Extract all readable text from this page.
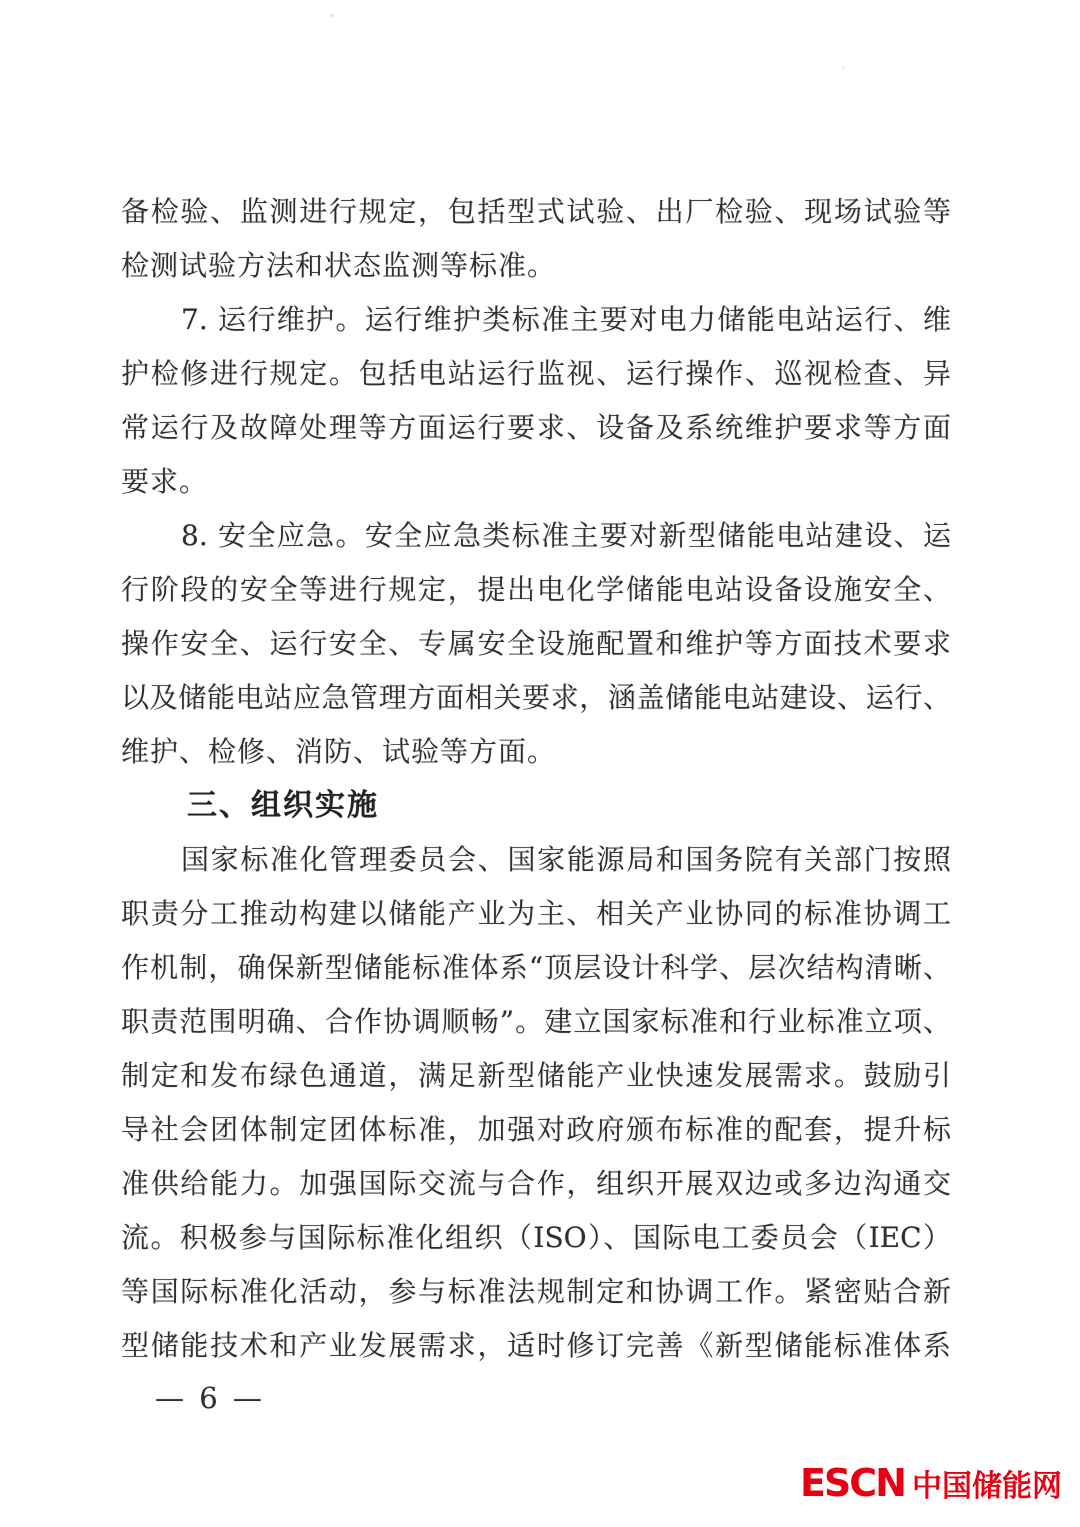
备检验、监测进行规定，包括型式试验、出厂检验、现场试验等
检测试验方法和状态监测等标准。
7. 运行维护。运行维护类标准主要对电力储能电站运行、维
护检修进行规定。包括电站运行监视、运行操作、巡视检查、异
常运行及故障处理等方面运行要求、设备及系统维护要求等方面
要求。
8. 安全应急。安全应急类标准主要对新型储能电站建设、运
行阶段的安全等进行规定，提出电化学储能电站设备设施安全、
操作安全、运行安全、专属安全设施配置和维护等方面技术要求
以及储能电站应急管理方面相关要求，涵盖储能电站建设、运行、
维护、检修、消防、试验等方面。
三、组织实施
国家标准化管理委员会、国家能源局和国务院有关部门按照
职责分工推动构建以储能产业为主、相关产业协同的标准协调工
作机制，确保新型储能标准体系“顶层设计科学、层次结构清晰、
职责范围明确、合作协调顺畅”。建立国家标准和行业标准立项、
制定和发布绿色通道，满足新型储能产业快速发展需求。鼓励引
导社会团体制定团体标准，加强对政府颁布标准的配套，提升标
准供给能力。加强国际交流与合作，组织开展双边或多边沟通交
流。积极参与国际标准化组织（ISO）、国际电工委员会（IEC）
等国际标准化活动，参与标准法规制定和协调工作。紧密贴合新
型储能技术和产业发展需求，适时修订完善《新型储能标准体系
— 6 —
ESCN 中国储能网
